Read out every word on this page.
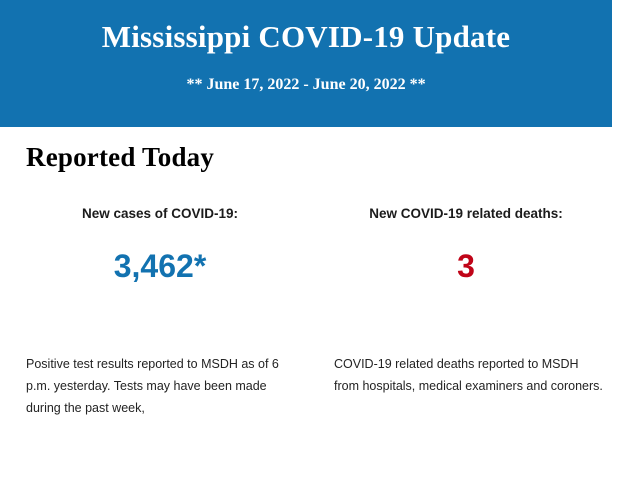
Mississippi COVID-19 Update
** June 17, 2022 - June 20, 2022 **
Reported Today
New cases of COVID-19:
3,462*
Positive test results reported to MSDH as of 6 p.m. yesterday. Tests may have been made during the past week,
New COVID-19 related deaths:
3
COVID-19 related deaths reported to MSDH from hospitals, medical examiners and coroners.
